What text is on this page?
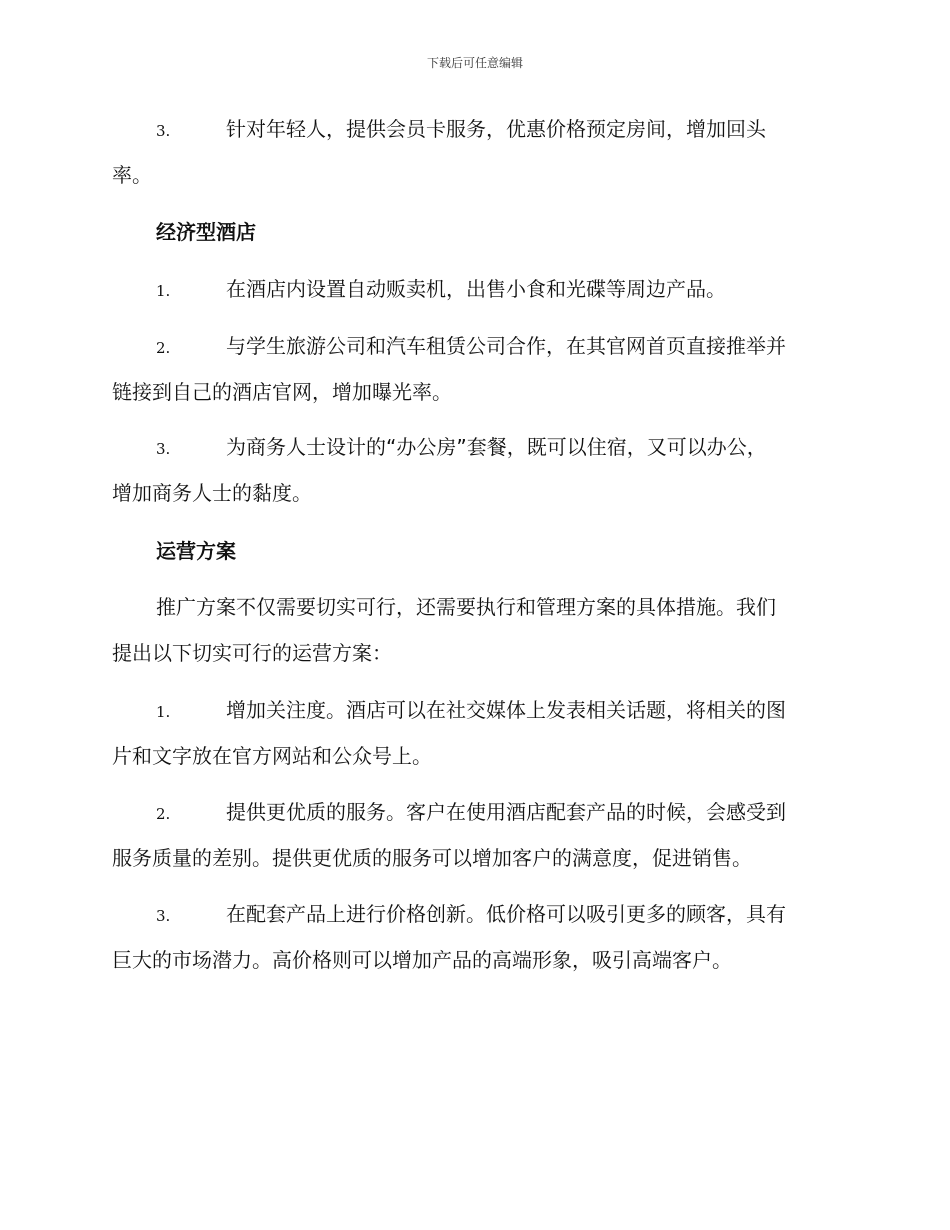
下载后可任意编辑
3.	针对年轻人，提供会员卡服务，优惠价格预定房间，增加回头
率。
经济型酒店
1.	在酒店内设置自动贩卖机，出售小食和光碟等周边产品。
2.	与学生旅游公司和汽车租赁公司合作，在其官网首页直接推举并
链接到自己的酒店官网，增加曝光率。
3.	为商务人士设计的“办公房”套餐，既可以住宿，又可以办公，
增加商务人士的黏度。
运营方案
推广方案不仅需要切实可行，还需要执行和管理方案的具体措施。我们
提出以下切实可行的运营方案：
1.	增加关注度。酒店可以在社交媒体上发表相关话题，将相关的图
片和文字放在官方网站和公众号上。
2.	提供更优质的服务。客户在使用酒店配套产品的时候，会感受到
服务质量的差别。提供更优质的服务可以增加客户的满意度，促进销售。
3.	在配套产品上进行价格创新。低价格可以吸引更多的顾客，具有
巨大的市场潜力。高价格则可以增加产品的高端形象，吸引高端客户。
